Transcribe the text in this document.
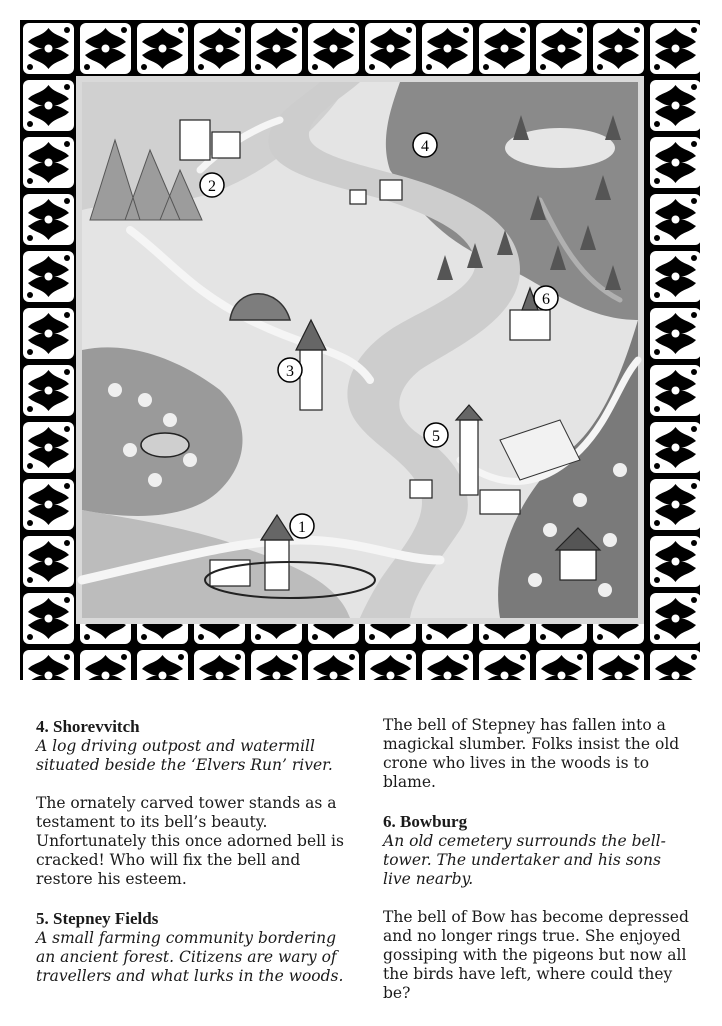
1
2
3
4
5
6
4. Shorevvitch

A log driving outpost and watermill situated beside the ‘Elvers Run’ river.

The ornately carved tower stands as a testament to its bell’s beauty. Unfortunately this once adorned bell is cracked! Who will fix the bell and restore his esteem.

5. Stepney Fields

A small farming community bordering an ancient forest. Citizens are wary of travellers and what lurks in the woods.

The bell of Stepney has fallen into a magickal slumber. Folks insist the old crone who lives in the woods is to blame.

6. Bowburg

An old cemetery surrounds the bell-tower. The undertaker and his sons live nearby.

The bell of Bow has become depressed and no longer rings true. She enjoyed gossiping with the pigeons but now all the birds have left, where could they be?
